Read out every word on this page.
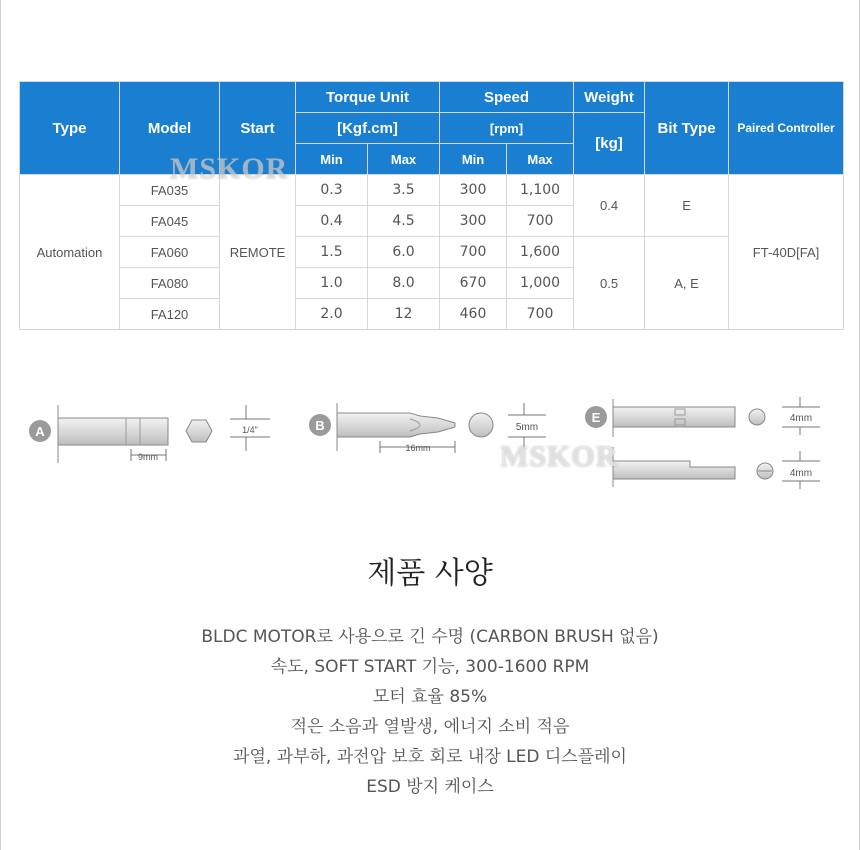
Type	Model	Start	Torque Unit		Speed		Weight	Bit Type	Paired Controller
			[Kgf.cm]		[rpm]		[kg]		
			Min	Max	Min	Max			
Automation	FA035	REMOTE	0.3	3.5	300	1,100	0.4	E	FT-40D[FA]
	FA045		0.4	4.5	300	700			
	FA060		1.5	6.0	700	1,600	0.5	A, E	
	FA080		1.0	8.0	670	1,000			
	FA120		2.0	12	460	700			
MSKOR
A
9mm
1/4"	B
16mm
5mm
E	4mm
4mm
MSKOR
제품 사양
BLDC MOTOR로 사용으로 긴 수명 (CARBON BRUSH 없음)
속도, SOFT START 기능, 300-1600 RPM
모터 효율 85%
적은 소음과 열발생, 에너지 소비 적음
과열, 과부하, 과전압 보호 회로 내장 LED 디스플레이
ESD 방지 케이스
